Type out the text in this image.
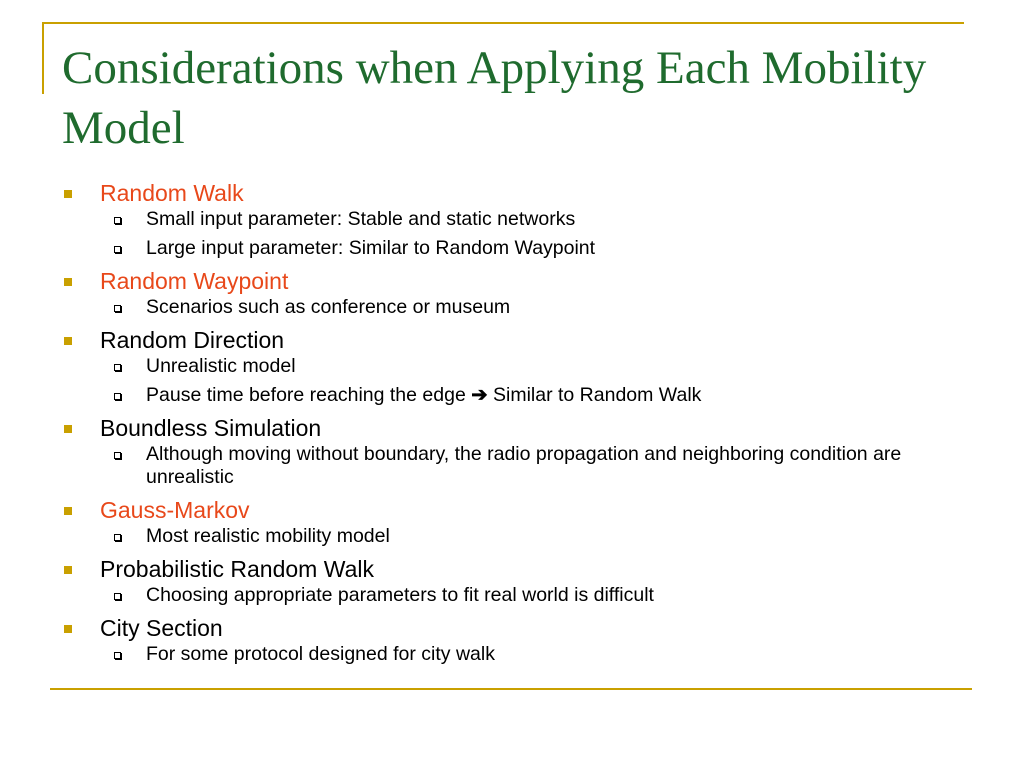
Considerations when Applying Each Mobility Model
Random Walk
Small input parameter: Stable and static networks
Large input parameter: Similar to Random Waypoint
Random Waypoint
Scenarios such as conference or museum
Random Direction
Unrealistic model
Pause time before reaching the edge ➔ Similar to Random Walk
Boundless Simulation
Although moving without boundary, the radio propagation and neighboring condition are unrealistic
Gauss-Markov
Most realistic mobility model
Probabilistic Random Walk
Choosing appropriate parameters to fit real world is difficult
City Section
For some protocol designed for city walk
